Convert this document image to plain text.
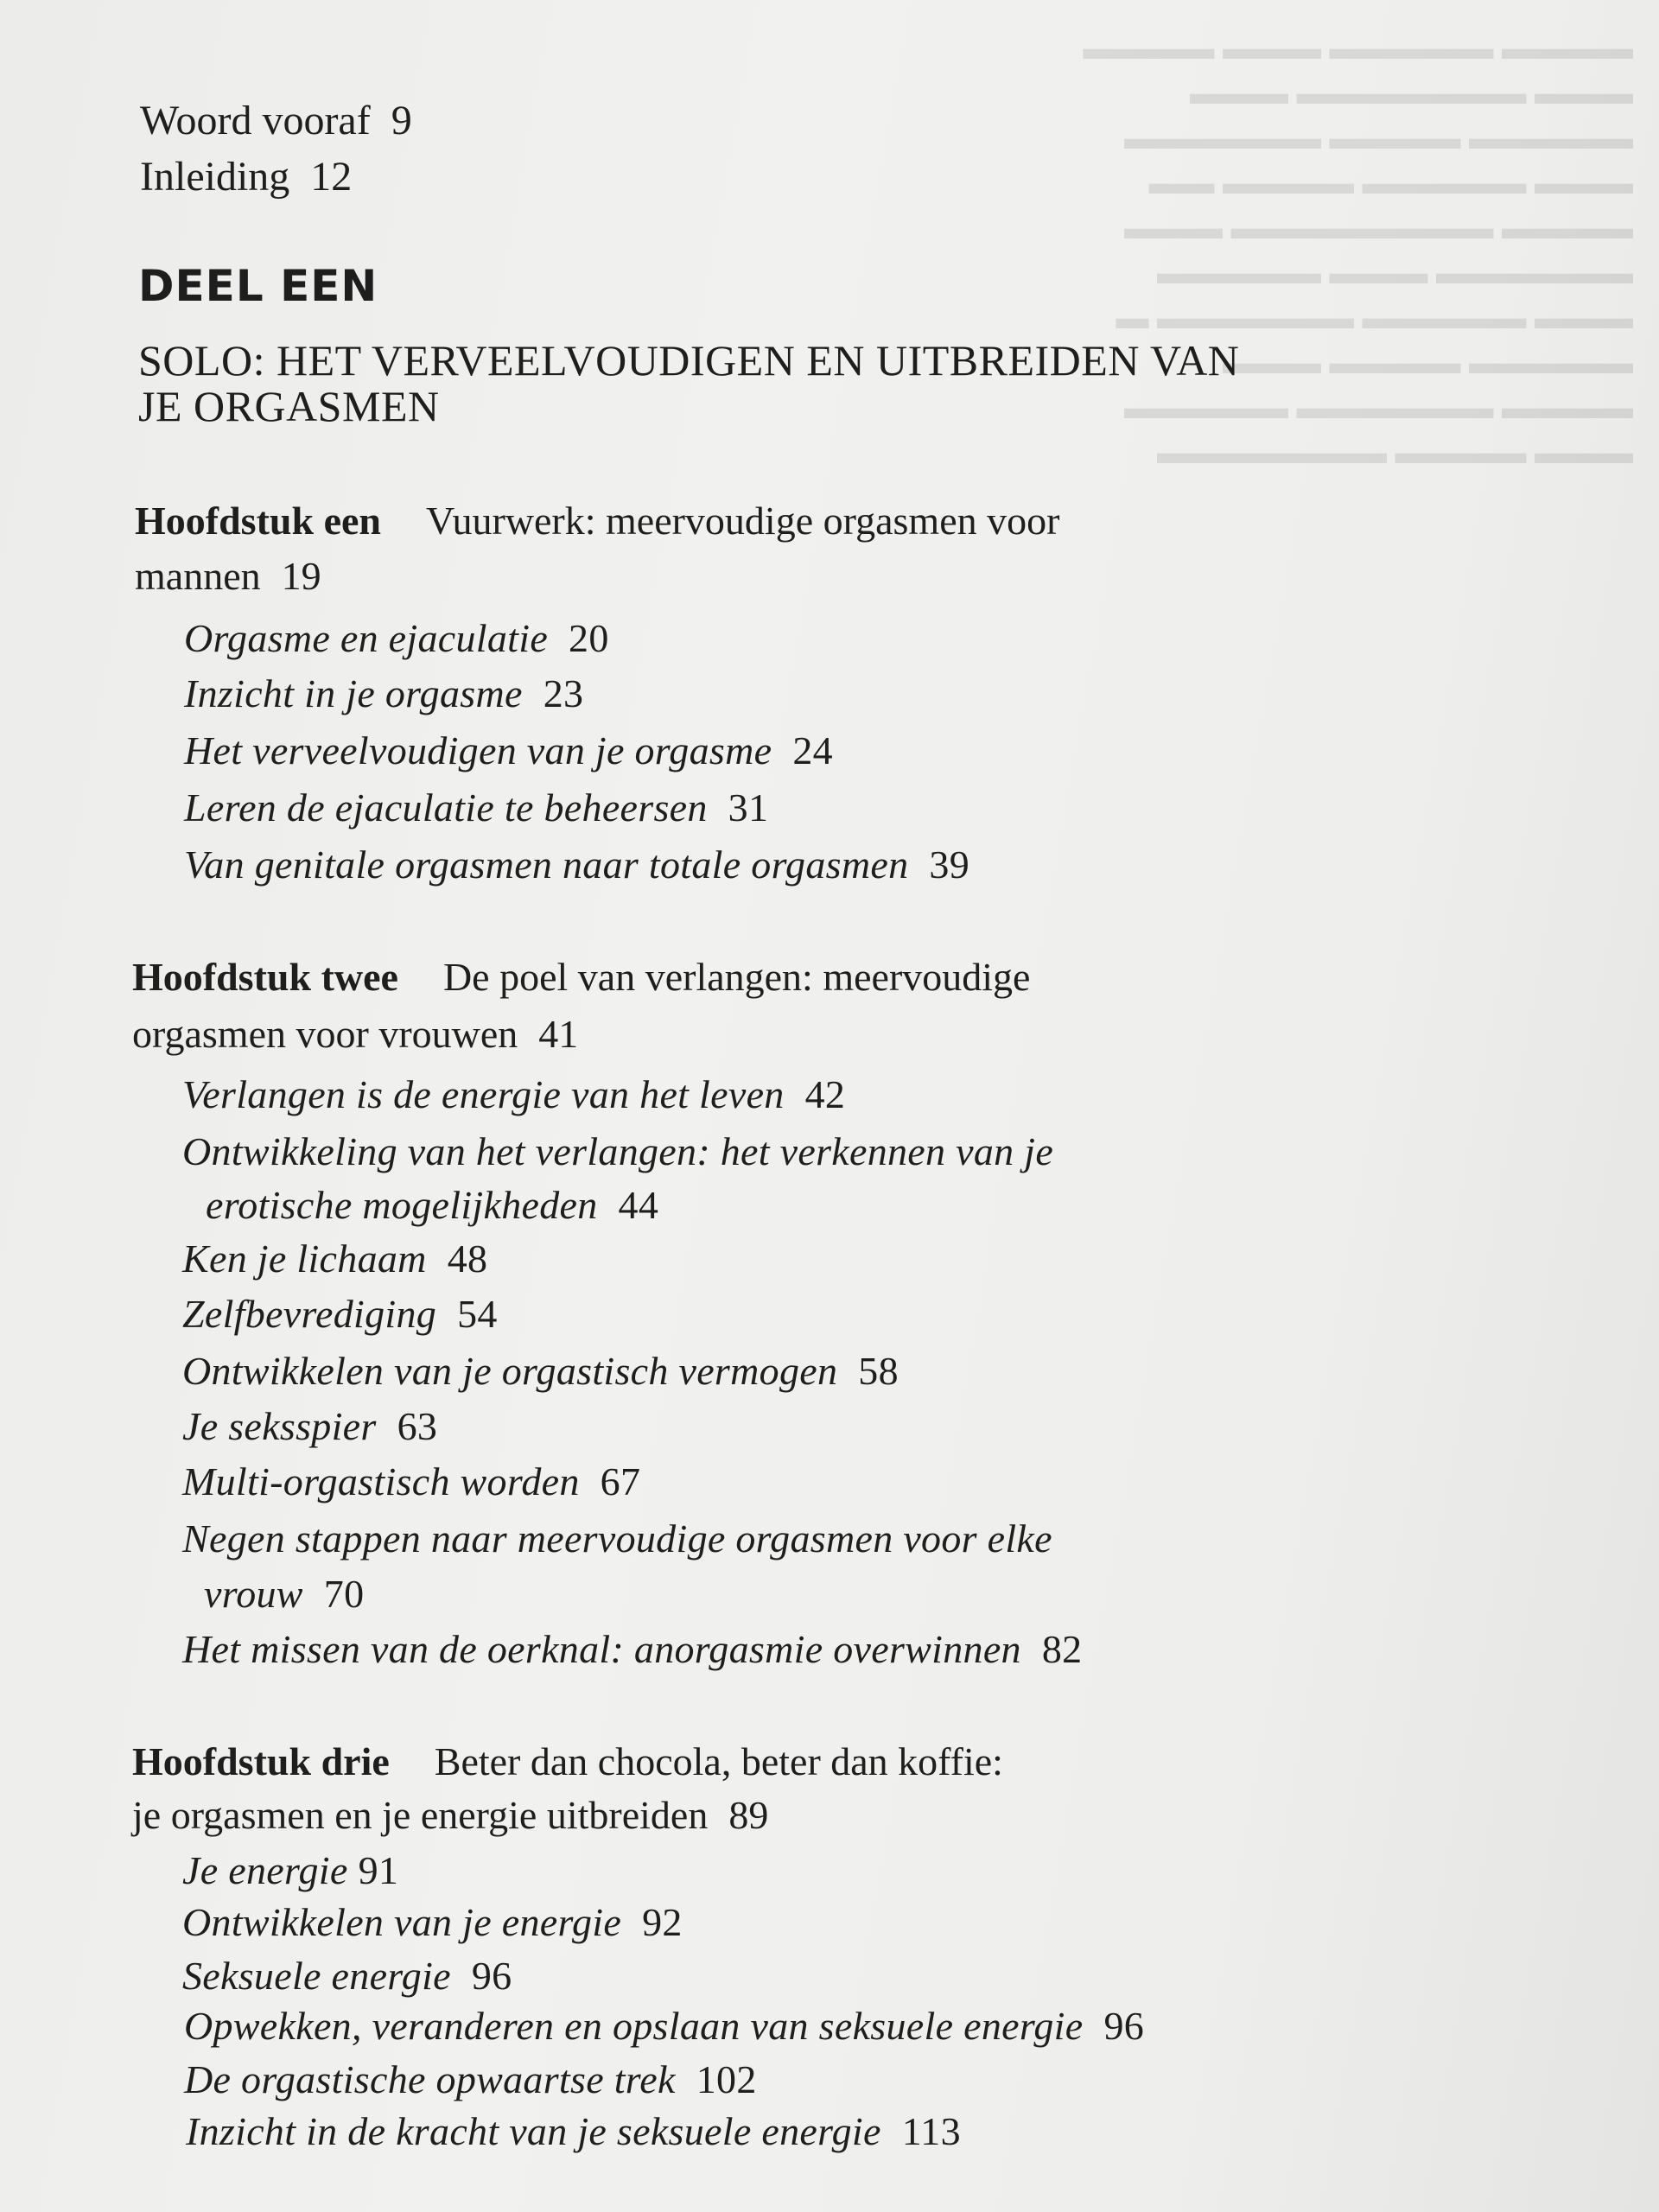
▬▬▬▬ ▬▬▬▬▬ ▬▬▬ ▬▬▬▬
▬▬▬ ▬▬▬▬▬▬▬ ▬▬▬
▬▬▬▬▬ ▬▬▬▬ ▬▬▬▬▬▬
▬▬▬ ▬▬▬▬▬ ▬▬▬▬ ▬▬
▬▬▬▬ ▬▬▬▬▬▬▬▬ ▬▬▬
▬▬▬▬▬▬ ▬▬▬ ▬▬▬▬▬
▬▬▬ ▬▬▬▬▬ ▬▬▬▬▬▬ ▬
▬▬▬▬▬ ▬▬▬▬ ▬▬▬
▬▬▬▬ ▬▬▬▬▬▬ ▬▬▬▬▬
▬▬▬ ▬▬▬▬ ▬▬▬▬▬▬▬
Woord vooraf 9
Inleiding 12
DEEL EEN
SOLO: HET VERVEELVOUDIGEN EN UITBREIDEN VAN
JE ORGASMEN
Hoofdstuk een Vuurwerk: meervoudige orgasmen voor
mannen 19
Orgasme en ejaculatie 20
Inzicht in je orgasme 23
Het verveelvoudigen van je orgasme 24
Leren de ejaculatie te beheersen 31
Van genitale orgasmen naar totale orgasmen 39
Hoofdstuk twee De poel van verlangen: meervoudige
orgasmen voor vrouwen 41
Verlangen is de energie van het leven 42
Ontwikkeling van het verlangen: het verkennen van je
erotische mogelijkheden 44
Ken je lichaam 48
Zelfbevrediging 54
Ontwikkelen van je orgastisch vermogen 58
Je seksspier 63
Multi-orgastisch worden 67
Negen stappen naar meervoudige orgasmen voor elke
vrouw 70
Het missen van de oerknal: anorgasmie overwinnen 82
Hoofdstuk drie Beter dan chocola, beter dan koffie:
je orgasmen en je energie uitbreiden 89
Je energie 91
Ontwikkelen van je energie 92
Seksuele energie 96
Opwekken, veranderen en opslaan van seksuele energie 96
De orgastische opwaartse trek 102
Inzicht in de kracht van je seksuele energie 113
